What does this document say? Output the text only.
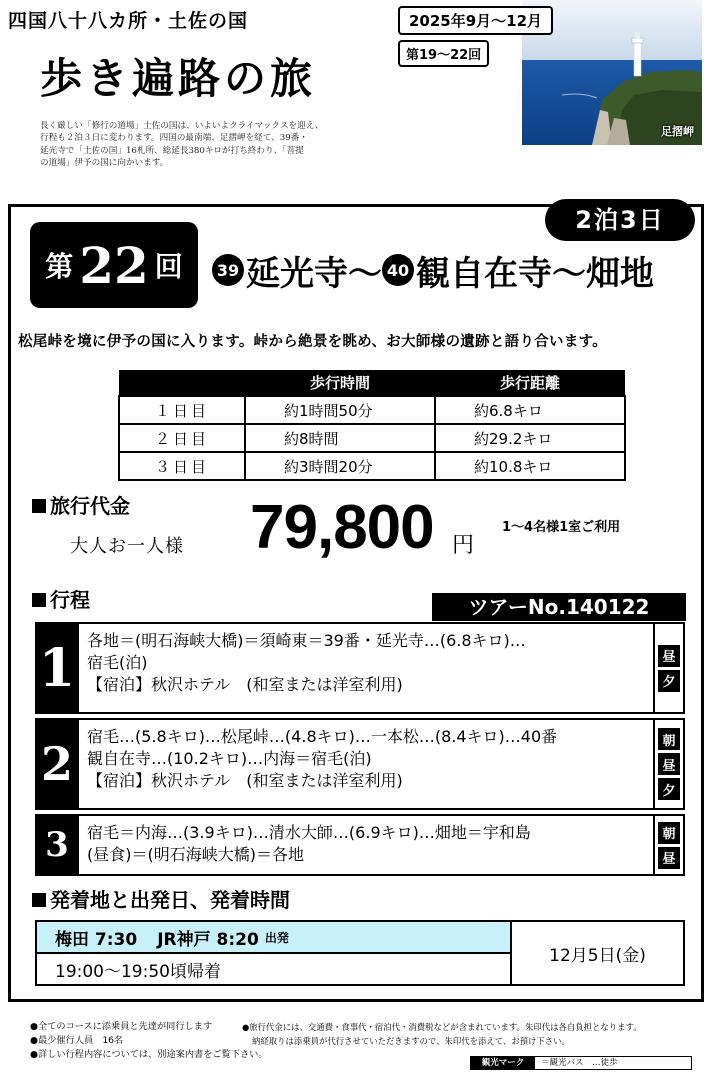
四国八十八カ所・土佐の国
歩き遍路の旅
長く厳しい「修行の道場」土佐の国は、いよいよクライマックスを迎え、
行程も２泊３日に変わります。四国の最南端、足摺岬を経て、39番・
延光寺で「土佐の国」16札所、総延長380キロが打ち終わり、「菩提
の道場」伊予の国に向かいます。
足摺岬
2025年9月～12月
第19～22回
2泊3日
第 22 回	39 延光寺～ 40 観自在寺～畑地
松尾峠を境に伊予の国に入ります。峠から絶景を眺め、お大師様の遺跡と語り合います。
	歩行時間	歩行距離
１日目	約1時間50分	約6.8キロ
２日目	約8時間	約29.2キロ
３日目	約3時間20分	約10.8キロ
旅行代金
大人お一人様 79,800 円
1～4名様1室ご利用
行程	ツアーNo.140122
1 各地＝(明石海峡大橋)＝須崎東＝39番・延光寺…(6.8キロ)…
宿毛(泊)
【宿泊】秋沢ホテル　(和室または洋室利用)
昼
夕
2
宿毛…(5.8キロ)…松尾峠…(4.8キロ)…一本松…(8.4キロ)…40番
観自在寺…(10.2キロ)…内海＝宿毛(泊)
【宿泊】秋沢ホテル　(和室または洋室利用)
朝
昼
夕
3	宿毛＝内海…(3.9キロ)…清水大師…(6.9キロ)…畑地＝宇和島
(昼食)＝(明石海峡大橋)＝各地
朝
昼
発着地と出発日、発着時間
梅田 7:30 JR神戸 8:20 出発
19:00～19:50頃帰着
12月5日(金)
●全てのコースに添乗員と先達が同行します
●最少催行人員　16名
●詳しい行程内容については、別途案内書をご覧下さい。
●旅行代金には、交通費・食事代・宿泊代・消費税などが含まれています。朱印代は各自負担となります。
納経取りは添乗員が代行させていただきますので、朱印代を添えて、お預け下さい。
観光マーク	＝観光バス　…徒歩
